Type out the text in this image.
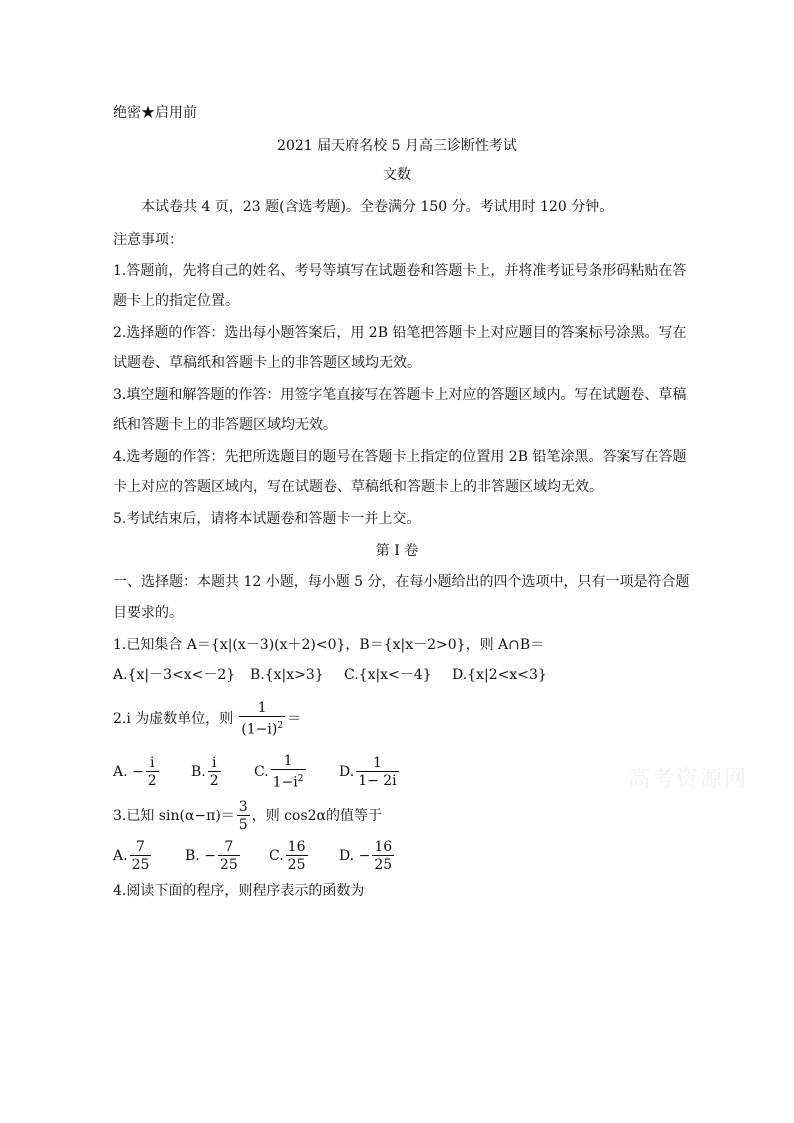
绝密★启用前
2021 届天府名校 5 月高三诊断性考试
文数
本试卷共 4 页，23 题(含选考题)。全卷满分 150 分。考试用时 120 分钟。
注意事项：
1.答题前，先将自己的姓名、考号等填写在试题卷和答题卡上，并将准考证号条形码粘贴在答
题卡上的指定位置。
2.选择题的作答：选出每小题答案后，用 2B 铅笔把答题卡上对应题目的答案标号涂黑。写在
试题卷、草稿纸和答题卡上的非答题区域均无效。
3.填空题和解答题的作答：用签字笔直接写在答题卡上对应的答题区域内。写在试题卷、草稿
纸和答题卡上的非答题区域均无效。
4.选考题的作答：先把所选题目的题号在答题卡上指定的位置用 2B 铅笔涂黑。答案写在答题
卡上对应的答题区域内，写在试题卷、草稿纸和答题卡上的非答题区域均无效。
5.考试结束后，请将本试题卷和答题卡一并上交。
第 I 卷
一、选择题：本题共 12 小题，每小题 5 分，在每小题给出的四个选项中，只有一项是符合题
目要求的。
1.已知集合 A＝{x|(x－3)(x＋2)<0}，B＝{x|x－2>0}，则 A∩B＝
A.{x|－3<x<－2} B.{x|x>3} C.{x|x<－4} D.{x|2<x<3}
2.i 为虚数单位，则 $\frac{1}{(1-i)^2}$ ＝
A. − $\frac{i}{2} B$. $\frac{i}{2} C$. $\frac{1}{1-i^2} D$. $\frac{1}{1- 2i}$
3.已知 $\sin(\alpha-\pi)= \frac{3}{5}$ ，则 cos2α的值等于
A. $\frac{7}{25} B$. − $\frac{7}{25} C$. $\frac{16}{25} D$. − $\frac{16}{25}$
4.阅读下面的程序，则程序表示的函数为
高考资源网
